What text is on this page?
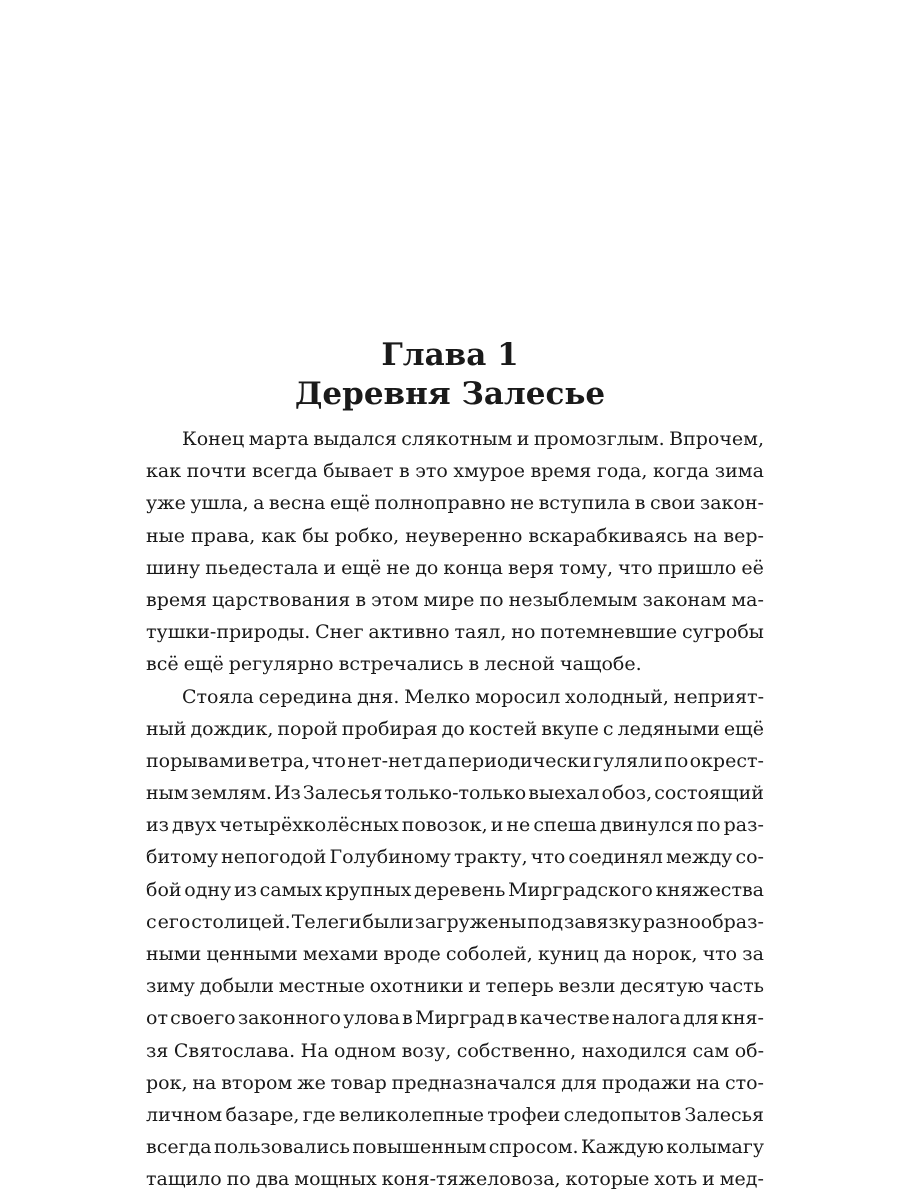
Глава 1
Деревня Залесье
Конец марта выдался слякотным и промозглым. Впрочем,
как почти всегда бывает в это хмурое время года, когда зима
уже ушла, а весна ещё полноправно не вступила в свои закон-
ные права, как бы робко, неуверенно вскарабкиваясь на вер-
шину пьедестала и ещё не до конца веря тому, что пришло её
время царствования в этом мире по незыблемым законам ма-
тушки-природы. Снег активно таял, но потемневшие сугробы
всё ещё регулярно встречались в лесной чащобе.
Стояла середина дня. Мелко моросил холодный, неприят-
ный дождик, порой пробирая до костей вкупе с ледяными ещё
порывами ветра, что нет-нет да периодически гуляли по окрест-
ным землям. Из Залесья только-только выехал обоз, состоящий
из двух четырёхколёсных повозок, и не спеша двинулся по раз-
битому непогодой Голубиному тракту, что соединял между со-
бой одну из самых крупных деревень Мирградского княжества
с его столицей. Телеги были загружены под завязку разнообраз-
ными ценными мехами вроде соболей, куниц да норок, что за
зиму добыли местные охотники и теперь везли десятую часть
от своего законного улова в Мирград в качестве налога для кня-
зя Святослава. На одном возу, собственно, находился сам об-
рок, на втором же товар предназначался для продажи на сто-
личном базаре, где великолепные трофеи следопытов Залесья
всегда пользовались повышенным спросом. Каждую колымагу
тащило по два мощных коня-тяжеловоза, которые хоть и мед-
